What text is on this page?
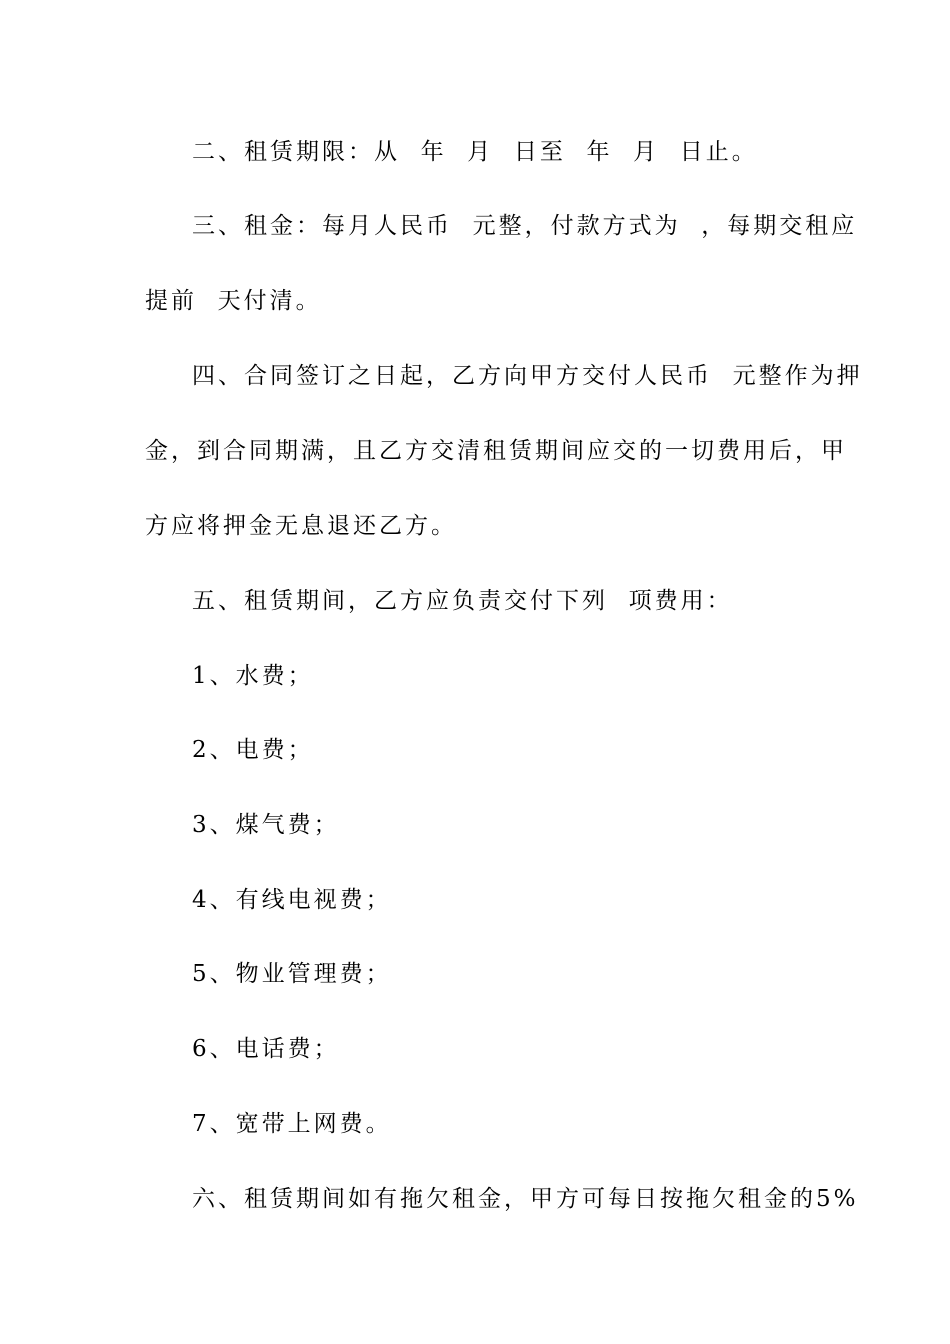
二、租赁期限：从  年  月  日至  年  月  日止。
三、租金：每月人民币  元整，付款方式为  ，每期交租应
提前  天付清。
四、合同签订之日起，乙方向甲方交付人民币  元整作为押
金，到合同期满，且乙方交清租赁期间应交的一切费用后，甲
方应将押金无息退还乙方。
五、租赁期间，乙方应负责交付下列  项费用：
1、水费；
2、电费；
3、煤气费；
4、有线电视费；
5、物业管理费；
6、电话费；
7、宽带上网费。
六、租赁期间如有拖欠租金，甲方可每日按拖欠租金的5%
